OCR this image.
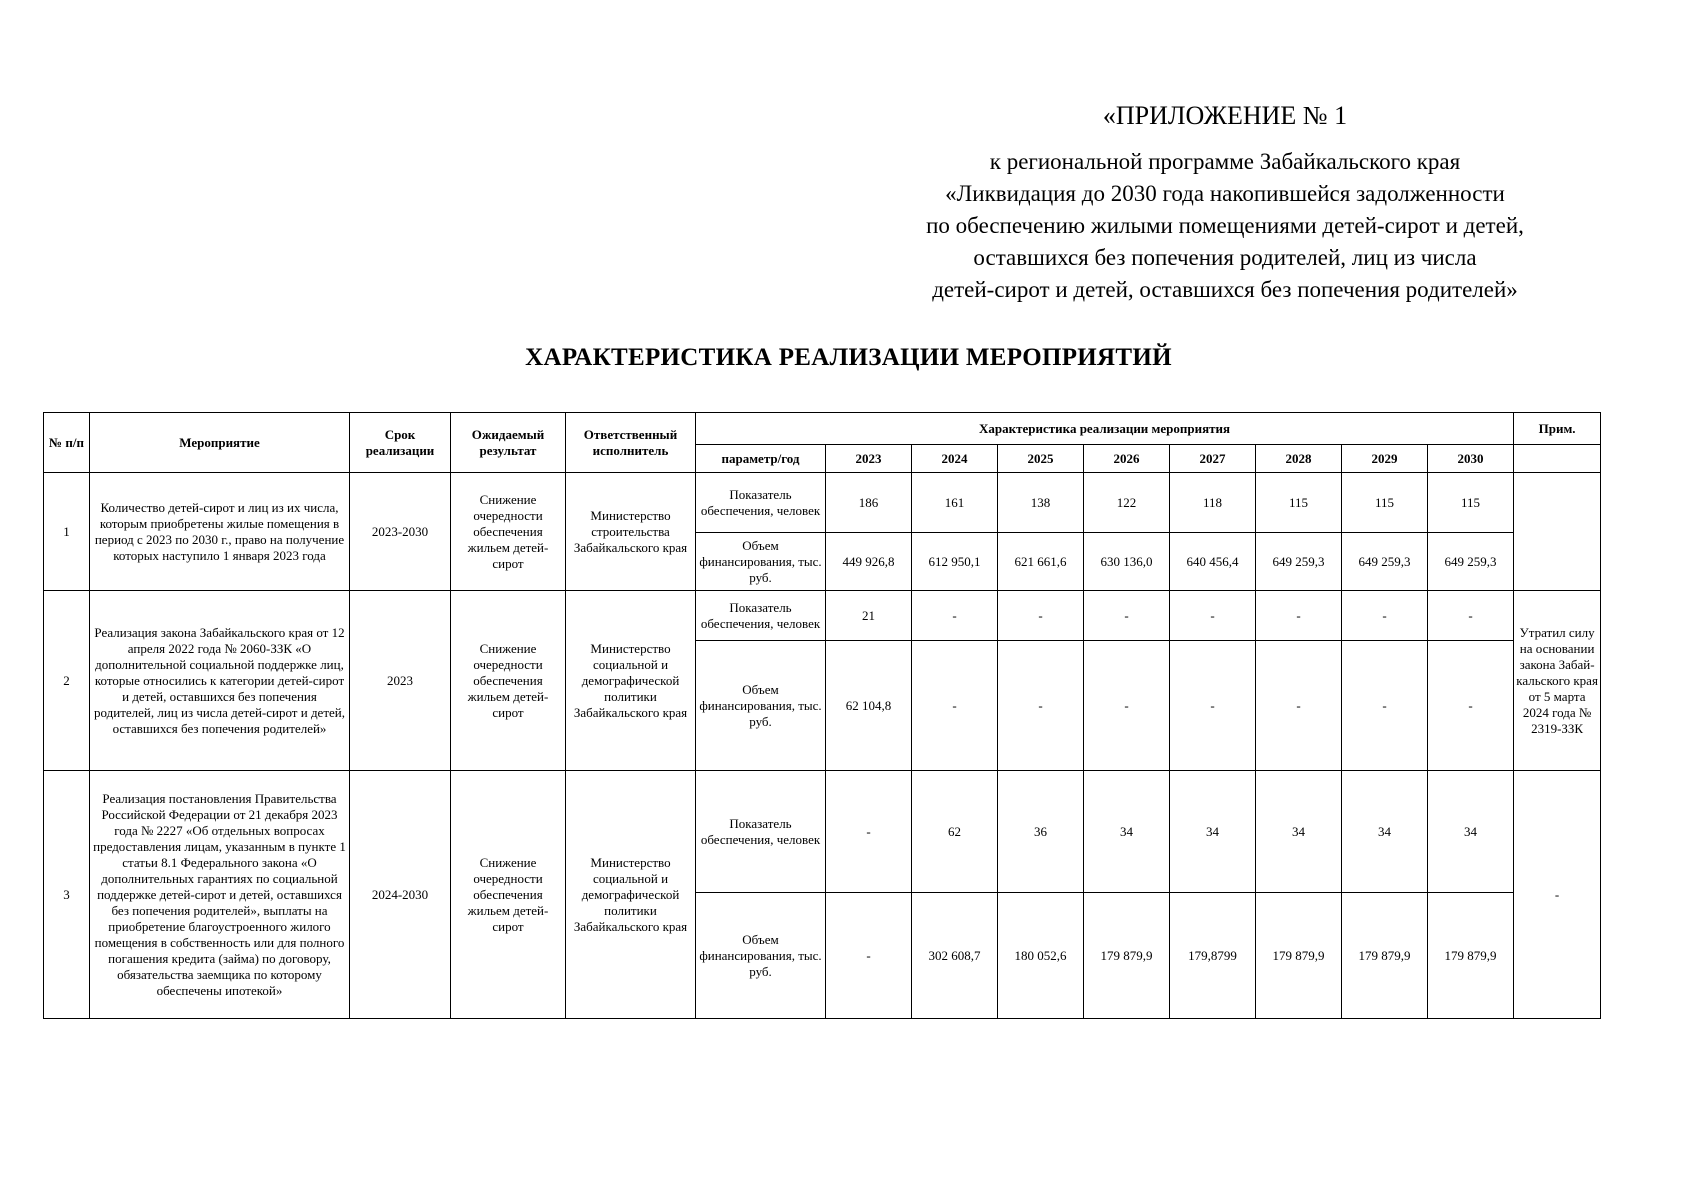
«ПРИЛОЖЕНИЕ № 1
к региональной программе Забайкальского края
«Ликвидация до 2030 года накопившейся задолженности
по обеспечению жилыми помещениями детей-сирот и детей,
оставшихся без попечения родителей, лиц из числа
детей-сирот и детей, оставшихся без попечения родителей»
ХАРАКТЕРИСТИКА РЕАЛИЗАЦИИ МЕРОПРИЯТИЙ
№ п/п	Мероприятие	Срок реализации	Ожидаемый результат	Ответственный исполнитель	Характеристика реализации мероприятия									Прим.
					параметр/год	2023	2024	2025	2026	2027	2028	2029	2030	
1	Количество детей-сирот и лиц из их числа, которым приобретены жилые помещения в период с 2023 по 2030 г., право на получение которых наступило 1 января 2023 года	2023-2030	Снижение очередности обеспечения жильем детей-сирот	Министерство строительства Забайкальского края	Показатель обеспечения, человек	186	161	138	122	118	115	115	115	
					Объем финансирования, тыс. руб.	449 926,8	612 950,1	621 661,6	630 136,0	640 456,4	649 259,3	649 259,3	649 259,3	
2	Реализация закона Забайкальского края от 12 апреля 2022 года № 2060-ЗЗК «О дополнительной социальной поддержке лиц, которые относились к категории детей-сирот и детей, оставшихся без попечения родителей, лиц из числа детей-сирот и детей, оставшихся без попечения родителей»	2023	Снижение очередности обеспечения жильем детей-сирот	Министерство социальной и демографической политики Забайкальского края	Показатель обеспечения, человек	21	-	-	-	-	-	-	-	Утратил силу на основании закона Забай-кальского края от 5 марта 2024 года № 2319-ЗЗК
					Объем финансирования, тыс. руб.	62 104,8	-	-	-	-	-	-	-	
3	Реализация постановления Правительства Российской Федерации от 21 декабря 2023 года № 2227 «Об отдельных вопросах предоставления лицам, указанным в пункте 1 статьи 8.1 Федерального закона «О дополнительных гарантиях по социальной поддержке детей-сирот и детей, оставшихся без попечения родителей», выплаты на приобретение благоустроенного жилого помещения в собственность или для полного погашения кредита (займа) по договору, обязательства заемщика по которому обеспечены ипотекой»	2024-2030	Снижение очередности обеспечения жильем детей-сирот	Министерство социальной и демографической политики Забайкальского края	Показатель обеспечения, человек	-	62	36	34	34	34	34	34	-
					Объем финансирования, тыс. руб.	-	302 608,7	180 052,6	179 879,9	179,8799	179 879,9	179 879,9	179 879,9	
